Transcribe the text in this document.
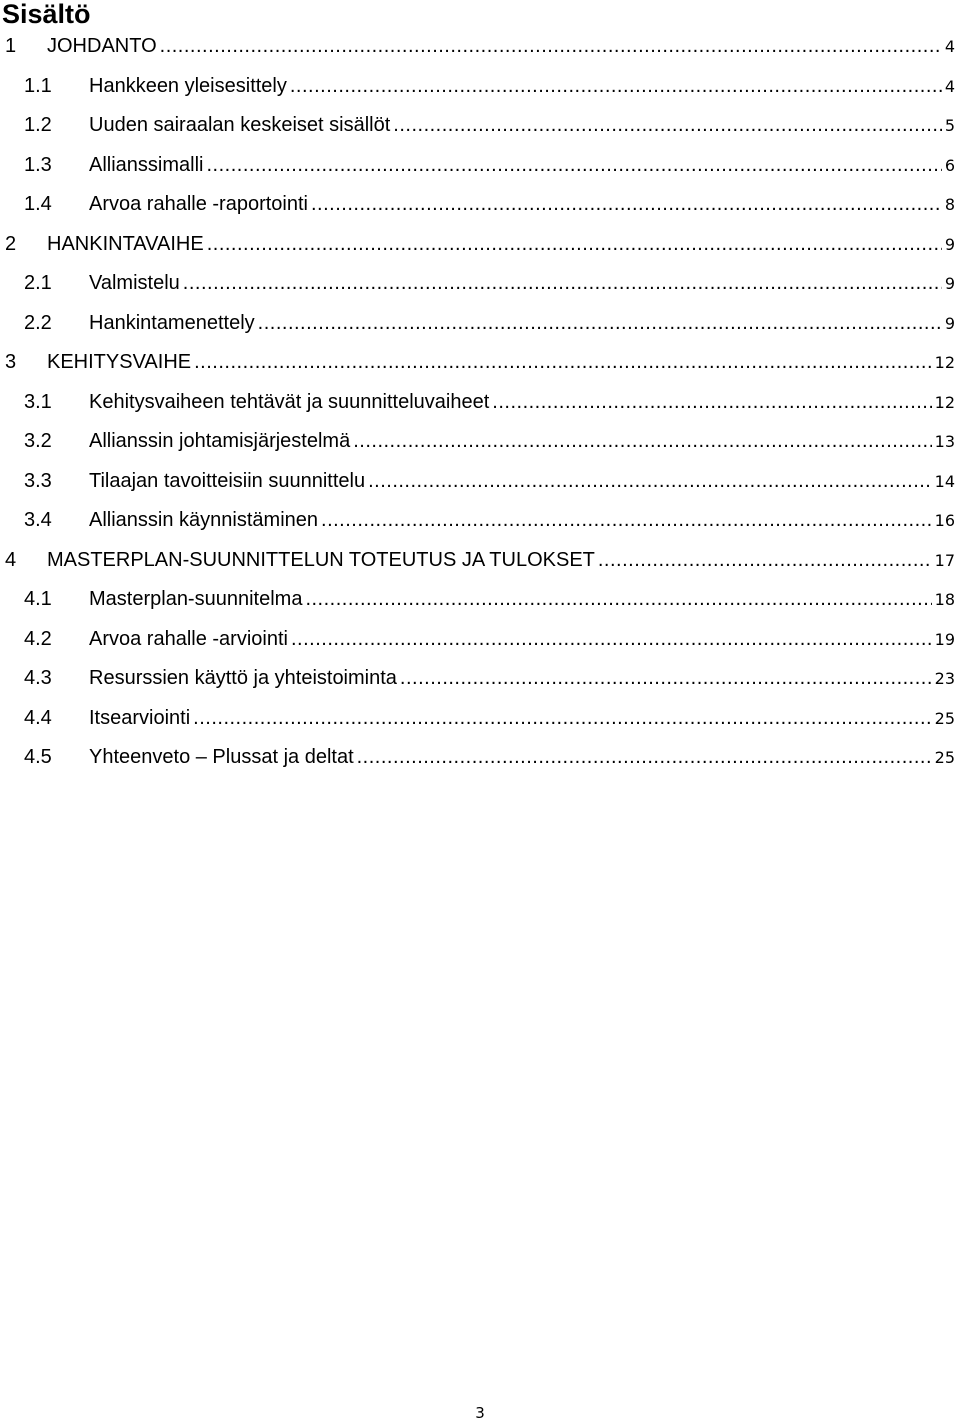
Sisältö
1 JOHDANTO .....	4
1.1 Hankkeen yleisesittely .....	4
1.2 Uuden sairaalan keskeiset sisällöt .....	5
1.3 Allianssimalli .....	6
1.4 Arvoa rahalle -raportointi .....	8
2 HANKINTAVAIHE .....	9
2.1 Valmistelu .....	9
2.2 Hankintamenettely .....	9
3 KEHITYSVAIHE .....	12
3.1 Kehitysvaiheen tehtävät ja suunnitteluvaiheet .....	12
3.2 Allianssin johtamisjärjestelmä .....	13
3.3 Tilaajan tavoitteisiin suunnittelu .....	14
3.4 Allianssin käynnistäminen .....	16
4 MASTERPLAN-SUUNNITTELUN TOTEUTUS JA TULOKSET .....	17
4.1 Masterplan-suunnitelma .....	18
4.2 Arvoa rahalle -arviointi .....	19
4.3 Resurssien käyttö ja yhteistoiminta .....	23
4.4 Itsearviointi .....	25
4.5 Yhteenveto – Plussat ja deltat .....	25
3
